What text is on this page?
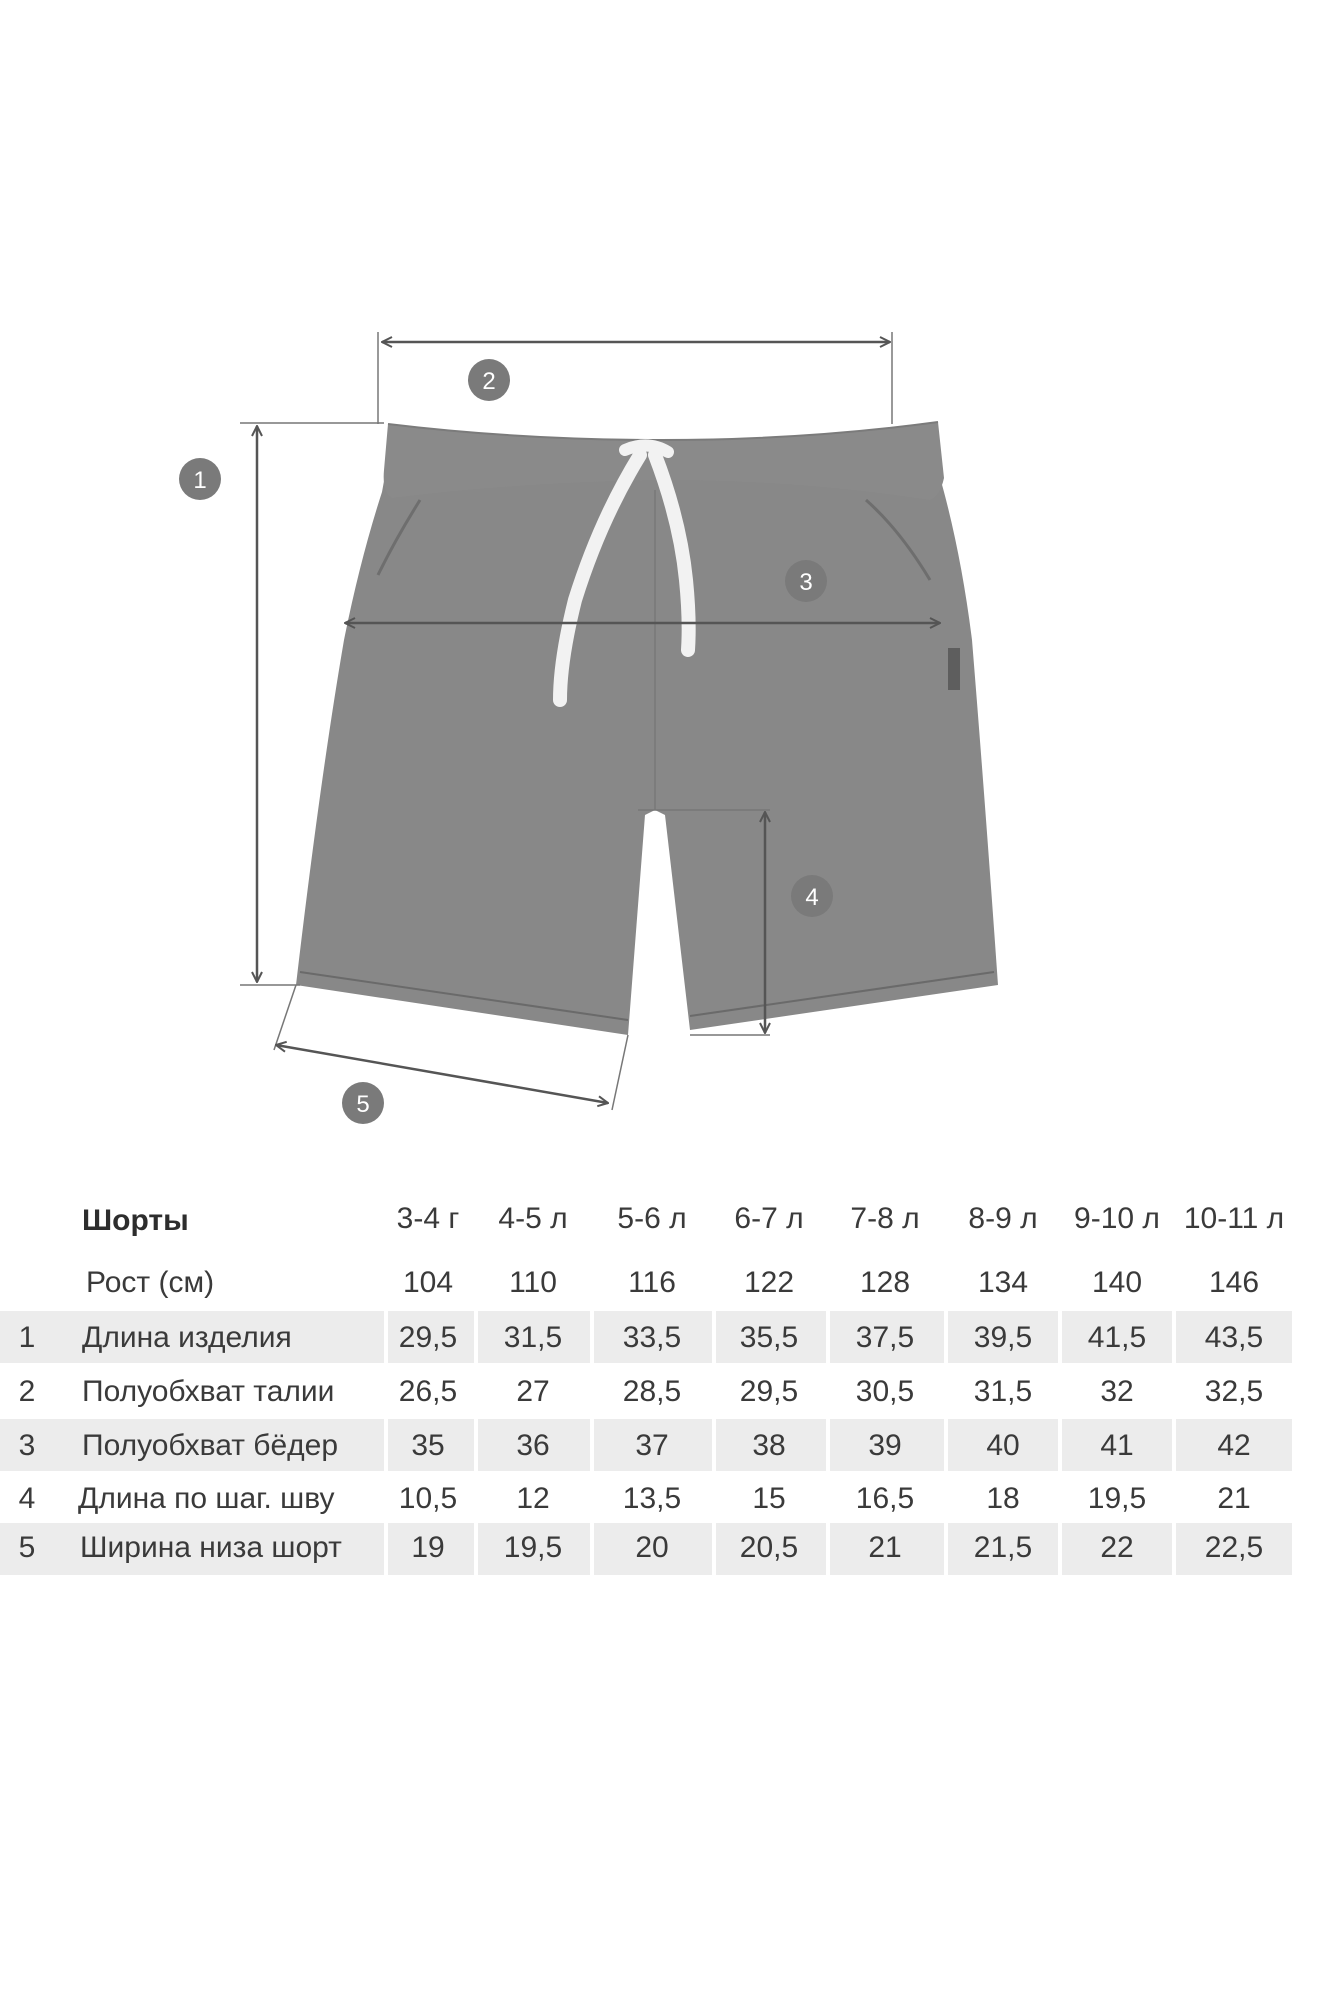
1
2
3
4
5
Шорты	3-4 г 4-5 л 5-6 л 6-7 л 7-8 л 8-9 л 9-10 л 10-11 л
Рост (см)	104 110 116 122 128 134 140 146
1 Длина изделия	29,5 31,5 33,5 35,5 37,5 39,5 41,5 43,5
2 Полуобхват талии 26,5 27 28,5 29,5 30,5 31,5 32 32,5
3 Полуобхват бёдер 35 36	37	38	39	40	41	42
4 Длина по шаг. шву 10,5 12 13,5 15 16,5 18 19,5 21
5 Ширина низа шорт 19 19,5 20 20,5 21 21,5 22 22,5
